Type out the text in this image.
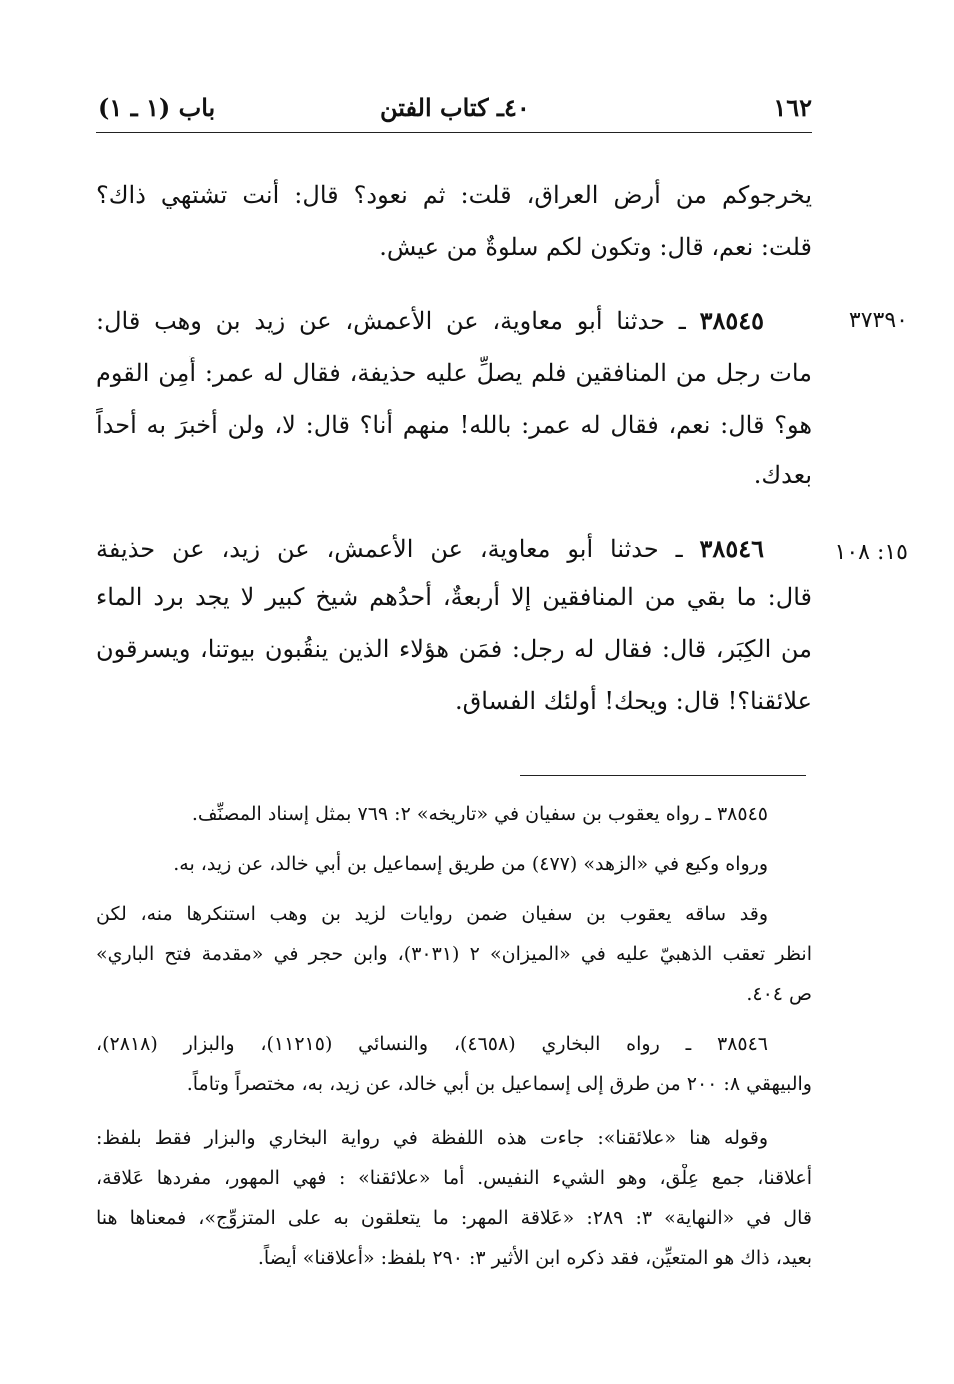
١٦٢
٤٠ـ كتاب الفتن
باب (١ ـ ١)
يخرجوكم من أرض العراق، قلت: ثم نعود؟ قال: أنت تشتهي ذاك؟
قلت: نعم، قال: وتكون لكم سلوةٌ من عيش.
٣٧٣٩٠
٣٨٥٤٥ ـ حدثنا أبو معاوية، عن الأعمش، عن زيد بن وهب قال:
مات رجل من المنافقين فلم يصلِّ عليه حذيفة، فقال له عمر: أَمِن القوم
هو؟ قال: نعم، فقال له عمر: بالله! منهم أنا؟ قال: لا، ولن أخبرَ به أحداً
بعدك.
١٥: ١٠٨
٣٨٥٤٦ ـ حدثنا أبو معاوية، عن الأعمش، عن زيد، عن حذيفة
قال: ما بقي من المنافقين إلا أربعةٌ، أحدُهم شيخ كبير لا يجد برد الماء
من الكِبَر، قال: فقال له رجل: فمَن هؤلاء الذين ينقُبون بيوتنا، ويسرقون
علائقنا؟! قال: ويحك! أولئك الفساق.
٣٨٥٤٥ ـ رواه يعقوب بن سفيان في «تاريخه» ٢: ٧٦٩ بمثل إسناد المصنِّف.
ورواه وكيع في «الزهد» (٤٧٧) من طريق إسماعيل بن أبي خالد، عن زيد، به.
وقد ساقه يعقوب بن سفيان ضمن روايات لزيد بن وهب استنكرها منه، لكن
انظر تعقب الذهبيّ عليه في «الميزان» ٢ (٣٠٣١)، وابن حجر في «مقدمة فتح الباري»
ص ٤٠٤.
٣٨٥٤٦ ـ رواه البخاري (٤٦٥٨)، والنسائي (١١٢١٥)، والبزار (٢٨١٨)،
والبيهقي ٨: ٢٠٠ من طرق إلى إسماعيل بن أبي خالد، عن زيد، به، مختصراً وتاماً.
وقوله هنا «علائقنا»: جاءت هذه اللفظة في رواية البخاري والبزار فقط بلفظ:
أعلاقنا، جمع عِلْق، وهو الشيء النفيس. أما «علائقنا» : فهي المهور، مفردها عَلاقة،
قال في «النهاية» ٣: ٢٨٩: «عَلاقة المهر: ما يتعلقون به على المتزوِّج»، فمعناها هنا
بعيد، ذاك هو المتعيِّن، فقد ذكره ابن الأثير ٣: ٢٩٠ بلفظ: «أعلاقنا» أيضاً.
